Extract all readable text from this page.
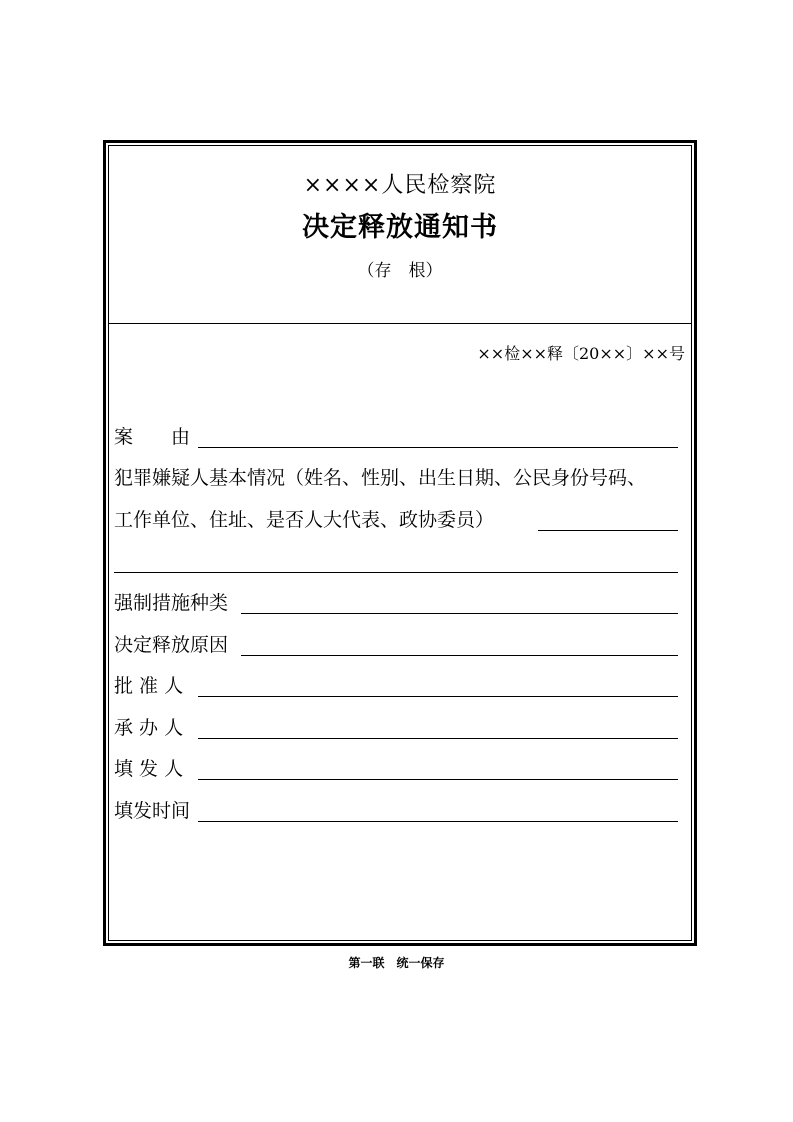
××××人民检察院
决定释放通知书
（存　根）
××检××释〔20××〕××号
案　　由
犯罪嫌疑人基本情况（姓名、性别、出生日期、公民身份号码、
工作单位、住址、是否人大代表、政协委员）
强制措施种类
决定释放原因
批 准 人
承 办 人
填 发 人
填发时间
第一联　统一保存
